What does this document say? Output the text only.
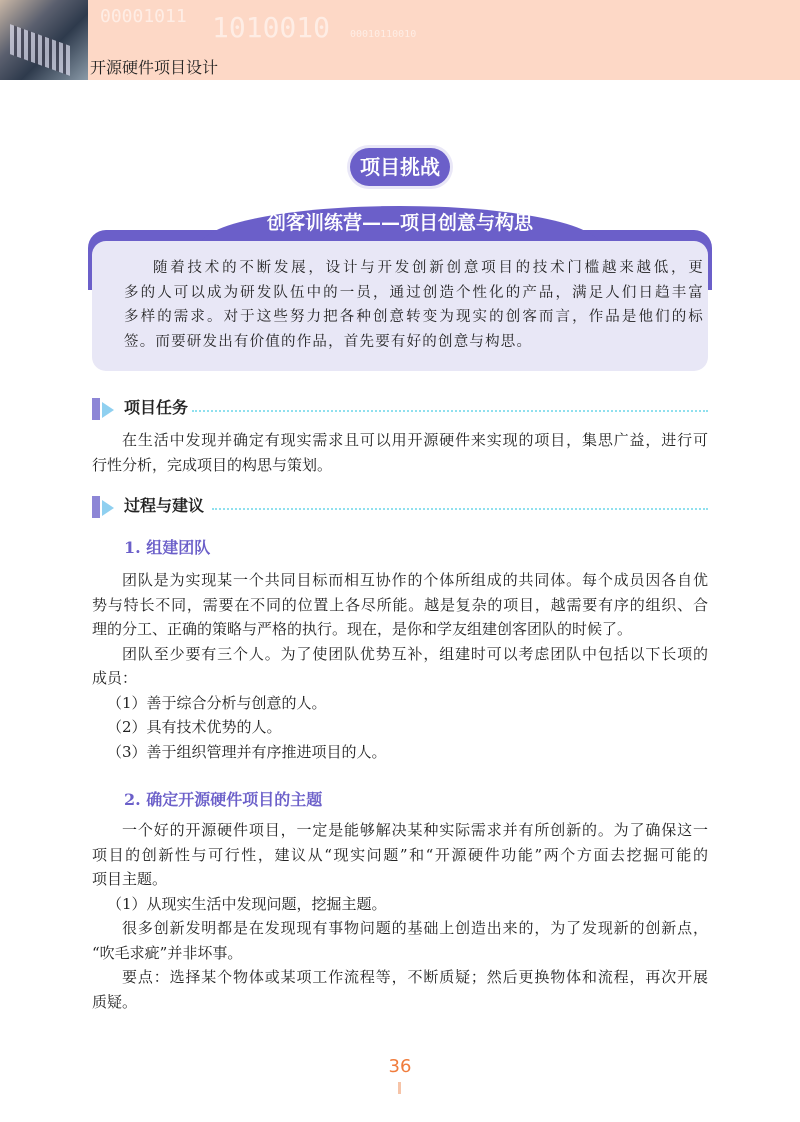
00001011 1010010 00010110010
开源硬件项目设计
项目挑战
创客训练营——项目创意与构思
随着技术的不断发展，设计与开发创新创意项目的技术门槛越来越低，更
多的人可以成为研发队伍中的一员，通过创造个性化的产品，满足人们日趋丰富
多样的需求。对于这些努力把各种创意转变为现实的创客而言，作品是他们的标
签。而要研发出有价值的作品，首先要有好的创意与构思。
项目任务
在生活中发现并确定有现实需求且可以用开源硬件来实现的项目，集思广益，进行可
行性分析，完成项目的构思与策划。
过程与建议
1. 组建团队
团队是为实现某一个共同目标而相互协作的个体所组成的共同体。每个成员因各自优
势与特长不同，需要在不同的位置上各尽所能。越是复杂的项目，越需要有序的组织、合
理的分工、正确的策略与严格的执行。现在，是你和学友组建创客团队的时候了。
团队至少要有三个人。为了使团队优势互补，组建时可以考虑团队中包括以下长项的
成员：
（1）善于综合分析与创意的人。
（2）具有技术优势的人。
（3）善于组织管理并有序推进项目的人。
2. 确定开源硬件项目的主题
一个好的开源硬件项目，一定是能够解决某种实际需求并有所创新的。为了确保这一
项目的创新性与可行性，建议从“现实问题”和“开源硬件功能”两个方面去挖掘可能的
项目主题。
（1）从现实生活中发现问题，挖掘主题。
很多创新发明都是在发现现有事物问题的基础上创造出来的，为了发现新的创新点，
“吹毛求疵”并非坏事。
要点：选择某个物体或某项工作流程等，不断质疑；然后更换物体和流程，再次开展
质疑。
36
